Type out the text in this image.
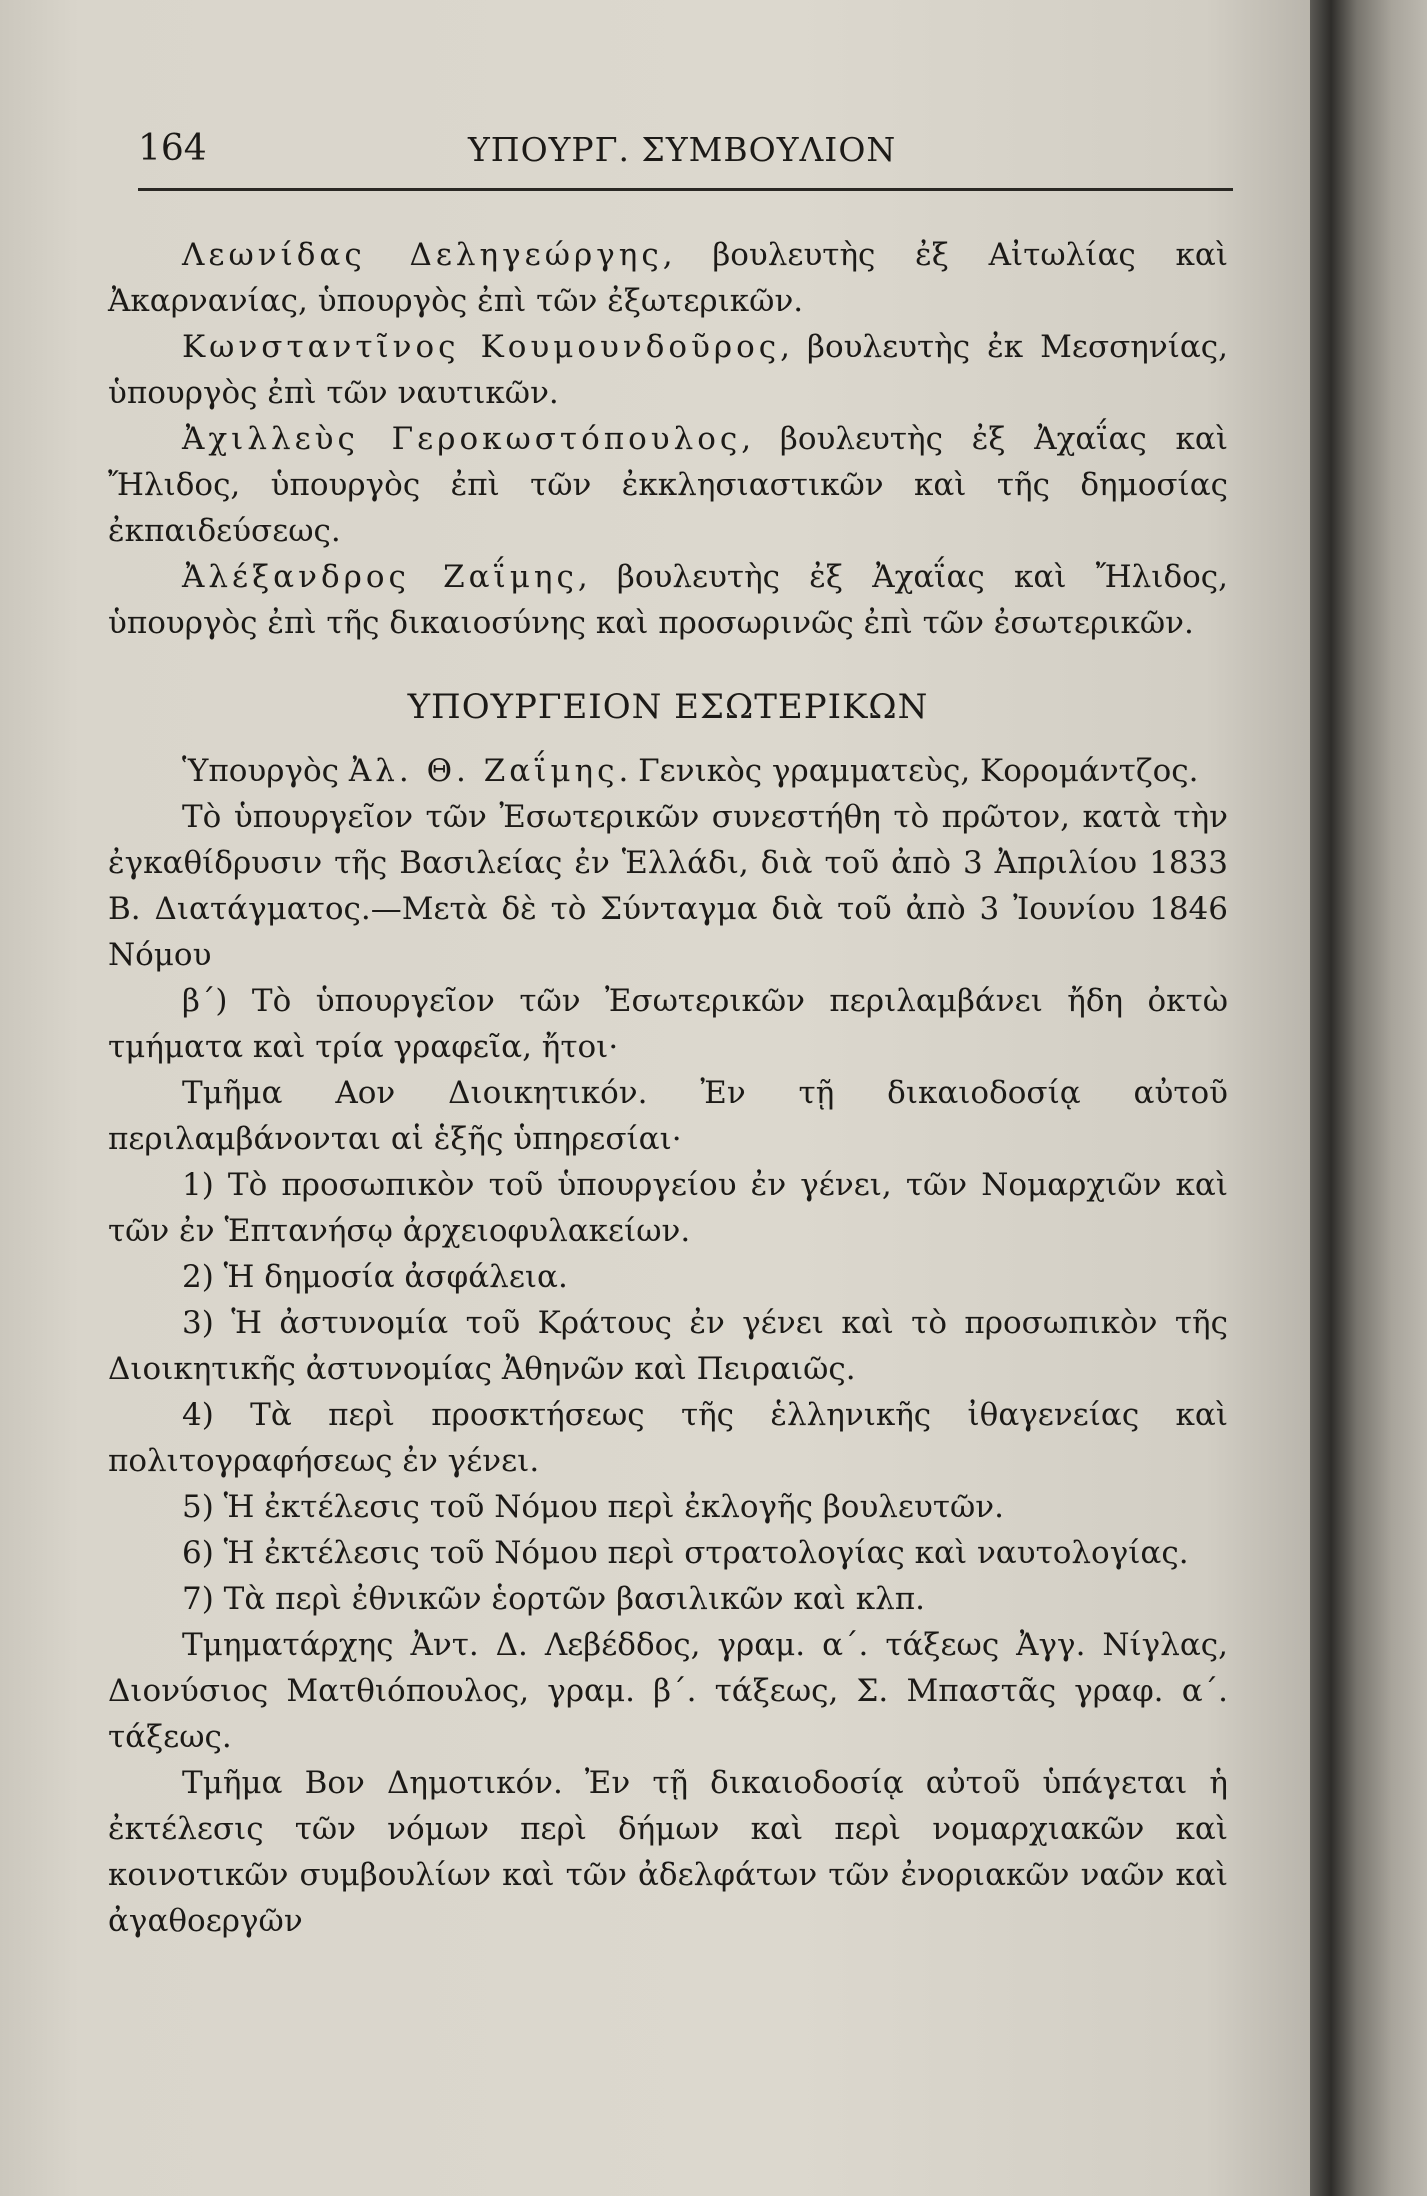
164	ΥΠΟΥΡΓ. ΣΥΜΒΟΥΛΙΟΝ

Λεωνίδας Δεληγεώργης, βουλευτὴς ἐξ Αἰτωλίας καὶ Ἀκαρνανίας, ὑπουργὸς ἐπὶ τῶν ἐξωτερικῶν.

Κωνσταντῖνος Κουμουνδοῦρος, βουλευτὴς ἐκ Μεσσηνίας, ὑπουργὸς ἐπὶ τῶν ναυτικῶν.

Ἀχιλλεὺς Γεροκωστόπουλος, βουλευτὴς ἐξ Ἀχαΐας καὶ Ἤλιδος, ὑπουργὸς ἐπὶ τῶν ἐκκλησιαστικῶν καὶ τῆς δημοσίας ἐκπαιδεύσεως.

Ἀλέξανδρος Ζαΐμης, βουλευτὴς ἐξ Ἀχαΐας καὶ Ἤλιδος, ὑπουργὸς ἐπὶ τῆς δικαιοσύνης καὶ προσωρινῶς ἐπὶ τῶν ἐσωτερικῶν.

ΥΠΟΥΡΓΕΙΟΝ ΕΣΩΤΕΡΙΚΩΝ

Ὑπουργὸς Ἀλ. Θ. Ζαΐμης. Γενικὸς γραμματεὺς, Κορομάντζος.

Τὸ ὑπουργεῖον τῶν Ἐσωτερικῶν συνεστήθη τὸ πρῶτον, κατὰ τὴν ἐγκαθίδρυσιν τῆς Βασιλείας ἐν Ἑλλάδι, διὰ τοῦ ἀπὸ 3 Ἀπριλίου 1833 Β. Διατάγματος.—Μετὰ δὲ τὸ Σύνταγμα διὰ τοῦ ἀπὸ 3 Ἰουνίου 1846 Νόμου

β΄) Τὸ ὑπουργεῖον τῶν Ἐσωτερικῶν περιλαμβάνει ἤδη ὀκτὼ τμήματα καὶ τρία γραφεῖα, ἤτοι·

Τμῆμα Αον Διοικητικόν. Ἐν τῇ δικαιοδοσίᾳ αὐτοῦ περιλαμβάνονται αἱ ἑξῆς ὑπηρεσίαι·

1) Τὸ προσωπικὸν τοῦ ὑπουργείου ἐν γένει, τῶν Νομαρχιῶν καὶ τῶν ἐν Ἑπτανήσῳ ἀρχειοφυλακείων.

2) Ἡ δημοσία ἀσφάλεια.

3) Ἡ ἀστυνομία τοῦ Κράτους ἐν γένει καὶ τὸ προσωπικὸν τῆς Διοικητικῆς ἀστυνομίας Ἀθηνῶν καὶ Πειραιῶς.

4) Τὰ περὶ προσκτήσεως τῆς ἑλληνικῆς ἰθαγενείας καὶ πολιτογραφήσεως ἐν γένει.

5) Ἡ ἐκτέλεσις τοῦ Νόμου περὶ ἐκλογῆς βουλευτῶν.

6) Ἡ ἐκτέλεσις τοῦ Νόμου περὶ στρατολογίας καὶ ναυτολογίας.

7) Τὰ περὶ ἐθνικῶν ἑορτῶν βασιλικῶν καὶ κλπ.

Τμηματάρχης Ἀντ. Δ. Λεβέδδος, γραμ. α΄. τάξεως Ἀγγ. Νίγλας, Διονύσιος Ματθιόπουλος, γραμ. β΄. τάξεως, Σ. Μπαστᾶς γραφ. α΄. τάξεως.

Τμῆμα Βον Δημοτικόν. Ἐν τῇ δικαιοδοσίᾳ αὐτοῦ ὑπάγεται ἡ ἐκτέλεσις τῶν νόμων περὶ δήμων καὶ περὶ νομαρχιακῶν καὶ κοινοτικῶν συμβουλίων καὶ τῶν ἀδελφάτων τῶν ἐνοριακῶν ναῶν καὶ ἀγαθοεργῶν
